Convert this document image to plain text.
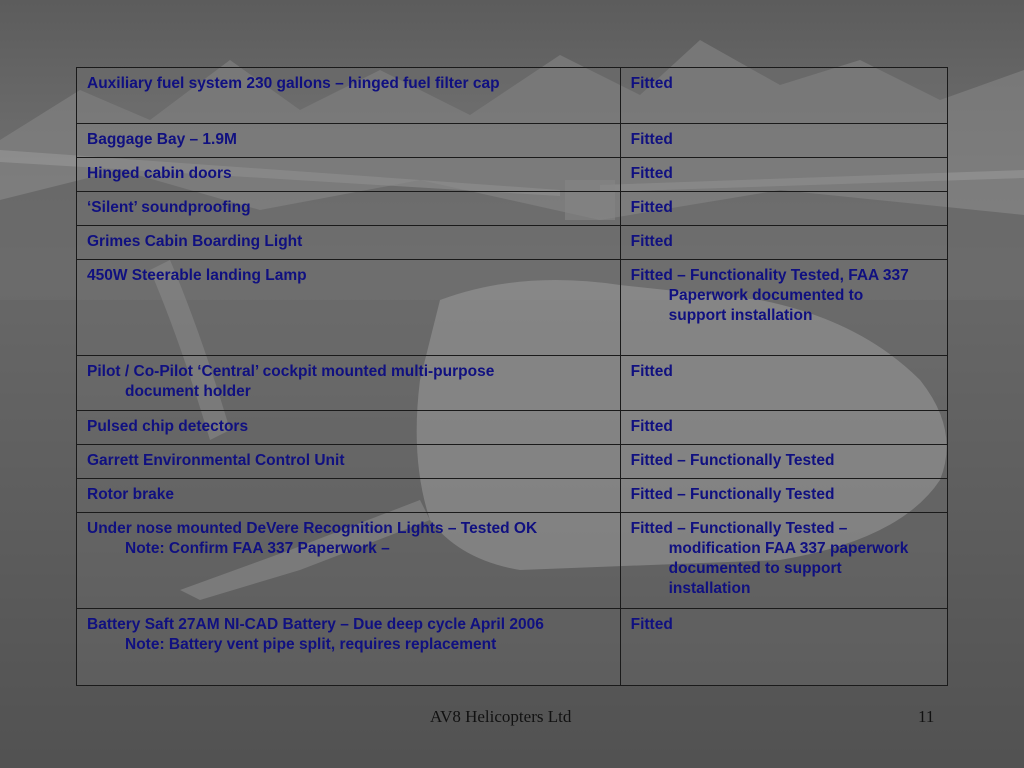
Auxiliary fuel system 230 gallons – hinged fuel filter cap	Fitted

Baggage Bay – 1.9M	Fitted

Hinged cabin doors	Fitted

‘Silent’ soundproofing	Fitted

Grimes Cabin Boarding Light	Fitted

450W Steerable landing Lamp	Fitted – Functionality Tested, FAA 337
Paperwork documented to
support installation

Pilot / Co-Pilot ‘Central’ cockpit mounted multi-purpose
document holder	Fitted

Pulsed chip detectors	Fitted

Garrett Environmental Control Unit	Fitted – Functionally Tested

Rotor brake	Fitted – Functionally Tested

Under nose mounted DeVere Recognition Lights – Tested OK
Note: Confirm FAA 337 Paperwork –	Fitted – Functionally Tested –
modification FAA 337 paperwork
documented to support
installation

Battery Saft 27AM NI-CAD Battery – Due deep cycle April 2006
Note: Battery vent pipe split, requires replacement	Fitted
AV8 Helicopters Ltd	11
